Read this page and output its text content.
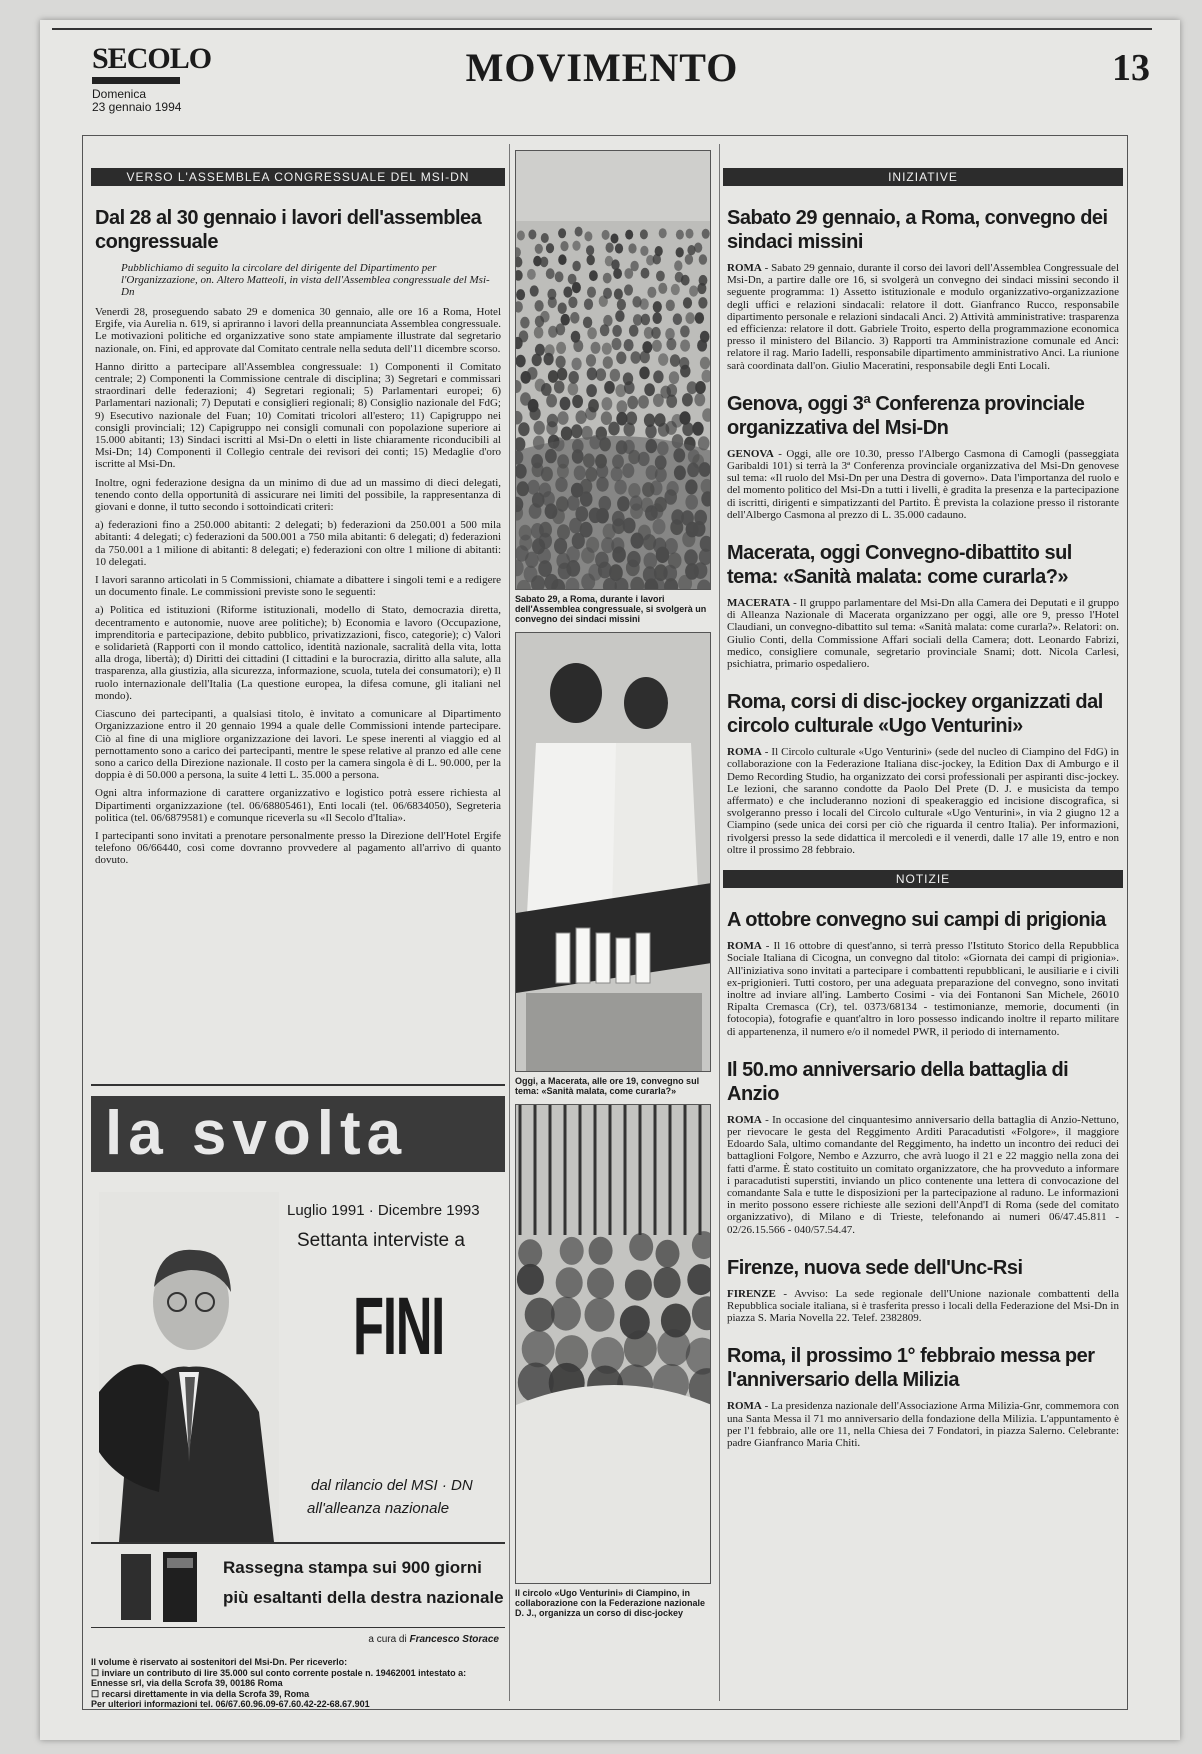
SECOLO
Domenica
23 gennaio 1994
MOVIMENTO	13
VERSO L'ASSEMBLEA CONGRESSUALE DEL MSI-DN
Dal 28 al 30 gennaio i lavori dell'assemblea congressuale
Pubblichiamo di seguito la circolare del dirigente del Dipartimento per l'Organizzazione, on. Altero Matteoli, in vista dell'Assemblea congressuale del Msi-Dn

Venerdì 28, proseguendo sabato 29 e domenica 30 gennaio, alle ore 16 a Roma, Hotel Ergife, via Aurelia n. 619, si apriranno i lavori della preannunciata Assemblea congressuale. Le motivazioni politiche ed organizzative sono state ampiamente illustrate dal segretario nazionale, on. Fini, ed approvate dal Comitato centrale nella seduta dell'11 dicembre scorso.

Hanno diritto a partecipare all'Assemblea congressuale: 1) Componenti il Comitato centrale; 2) Componenti la Commissione centrale di disciplina; 3) Segretari e commissari straordinari delle federazioni; 4) Segretari regionali; 5) Parlamentari europei; 6) Parlamentari nazionali; 7) Deputati e consiglieri regionali; 8) Consiglio nazionale del FdG; 9) Esecutivo nazionale del Fuan; 10) Comitati tricolori all'estero; 11) Capigruppo nei consigli provinciali; 12) Capigruppo nei consigli comunali con popolazione superiore ai 15.000 abitanti; 13) Sindaci iscritti al Msi-Dn o eletti in liste chiaramente riconducibili al Msi-Dn; 14) Componenti il Collegio centrale dei revisori dei conti; 15) Medaglie d'oro iscritte al Msi-Dn.

Inoltre, ogni federazione designa da un minimo di due ad un massimo di dieci delegati, tenendo conto della opportunità di assicurare nei limiti del possibile, la rappresentanza di giovani e donne, il tutto secondo i sottoindicati criteri:

a) federazioni fino a 250.000 abitanti: 2 delegati; b) federazioni da 250.001 a 500 mila abitanti: 4 delegati; c) federazioni da 500.001 a 750 mila abitanti: 6 delegati; d) federazioni da 750.001 a 1 milione di abitanti: 8 delegati; e) federazioni con oltre 1 milione di abitanti: 10 delegati.

I lavori saranno articolati in 5 Commissioni, chiamate a dibattere i singoli temi e a redigere un documento finale. Le commissioni previste sono le seguenti:

a) Politica ed istituzioni (Riforme istituzionali, modello di Stato, democrazia diretta, decentramento e autonomie, nuove aree politiche); b) Economia e lavoro (Occupazione, imprenditoria e partecipazione, debito pubblico, privatizzazioni, fisco, categorie); c) Valori e solidarietà (Rapporti con il mondo cattolico, identità nazionale, sacralità della vita, lotta alla droga, libertà); d) Diritti dei cittadini (I cittadini e la burocrazia, diritto alla salute, alla trasparenza, alla giustizia, alla sicurezza, informazione, scuola, tutela dei consumatori); e) Il ruolo internazionale dell'Italia (La questione europea, la difesa comune, gli italiani nel mondo).

Ciascuno dei partecipanti, a qualsiasi titolo, è invitato a comunicare al Dipartimento Organizzazione entro il 20 gennaio 1994 a quale delle Commissioni intende partecipare. Ciò al fine di una migliore organizzazione dei lavori. Le spese inerenti al viaggio ed al pernottamento sono a carico dei partecipanti, mentre le spese relative al pranzo ed alle cene sono a carico della Direzione nazionale. Il costo per la camera singola è di L. 90.000, per la doppia è di 50.000 a persona, la suite 4 letti L. 35.000 a persona.

Ogni altra informazione di carattere organizzativo e logistico potrà essere richiesta al Dipartimenti organizzazione (tel. 06/68805461), Enti locali (tel. 06/6834050), Segreteria politica (tel. 06/6879581) e comunque riceverla su «Il Secolo d'Italia».

I partecipanti sono invitati a prenotare personalmente presso la Direzione dell'Hotel Ergife telefono 06/66440, così come dovranno provvedere al pagamento all'arrivo di quanto dovuto.

la svolta
Luglio 1991 · Dicembre 1993
Settanta interviste a
FINI
dal rilancio del MSI · DN
all'alleanza nazionale
Rassegna stampa sui 900 giorni
più esaltanti della destra nazionale
a cura di Francesco Storace
Il volume è riservato ai sostenitori del Msi-Dn. Per riceverlo:
☐ inviare un contributo di lire 35.000 sul conto corrente postale n. 19462001 intestato a: Ennesse srl, via della Scrofa 39, 00186 Roma
☐ recarsi direttamente in via della Scrofa 39, Roma
Per ulteriori informazioni tel. 06/67.60.96.09-67.60.42-22-68.67.901
Sabato 29, a Roma, durante i lavori dell'Assemblea congressuale, si svolgerà un convegno dei sindaci missini
Oggi, a Macerata, alle ore 19, convegno sul tema: «Sanità malata, come curarla?»
Il circolo «Ugo Venturini» di Ciampino, in collaborazione con la Federazione nazionale D. J., organizza un corso di disc-jockey
INIZIATIVE
Sabato 29 gennaio, a Roma, convegno dei sindaci missini

ROMA - Sabato 29 gennaio, durante il corso dei lavori dell'Assemblea Congressuale del Msi-Dn, a partire dalle ore 16, si svolgerà un convegno dei sindaci missini secondo il seguente programma: 1) Assetto istituzionale e modulo organizzativo-organizzazione degli uffici e relazioni sindacali: relatore il dott. Gianfranco Rucco, responsabile dipartimento personale e relazioni sindacali Anci. 2) Attività amministrative: trasparenza ed efficienza: relatore il dott. Gabriele Troito, esperto della programmazione economica presso il ministero del Bilancio. 3) Rapporti tra Amministrazione comunale ed Anci: relatore il rag. Mario Iadelli, responsabile dipartimento amministrativo Anci. La riunione sarà coordinata dall'on. Giulio Maceratini, responsabile degli Enti Locali.

Genova, oggi 3ª Conferenza provinciale organizzativa del Msi-Dn

GENOVA - Oggi, alle ore 10.30, presso l'Albergo Casmona di Camogli (passeggiata Garibaldi 101) si terrà la 3ª Conferenza provinciale organizzativa del Msi-Dn genovese sul tema: «Il ruolo del Msi-Dn per una Destra di governo». Data l'importanza del ruolo e del momento politico del Msi-Dn a tutti i livelli, è gradita la presenza e la partecipazione di iscritti, dirigenti e simpatizzanti del Partito. È prevista la colazione presso il ristorante dell'Albergo Casmona al prezzo di L. 35.000 cadauno.

Macerata, oggi Convegno-dibattito sul tema: «Sanità malata: come curarla?»

MACERATA - Il gruppo parlamentare del Msi-Dn alla Camera dei Deputati e il gruppo di Alleanza Nazionale di Macerata organizzano per oggi, alle ore 9, presso l'Hotel Claudiani, un convegno-dibattito sul tema: «Sanità malata: come curarla?». Relatori: on. Giulio Conti, della Commissione Affari sociali della Camera; dott. Leonardo Fabrizi, medico, consigliere comunale, segretario provinciale Snami; dott. Nicola Carlesi, psichiatra, primario ospedaliero.

Roma, corsi di disc-jockey organizzati dal circolo culturale «Ugo Venturini»

ROMA - Il Circolo culturale «Ugo Venturini» (sede del nucleo di Ciampino del FdG) in collaborazione con la Federazione Italiana disc-jockey, la Edition Dax di Amburgo e il Demo Recording Studio, ha organizzato dei corsi professionali per aspiranti disc-jockey. Le lezioni, che saranno condotte da Paolo Del Prete (D. J. e musicista da tempo affermato) e che includeranno nozioni di speakeraggio ed incisione discografica, si svolgeranno presso i locali del Circolo culturale «Ugo Venturini», in via 2 giugno 12 a Ciampino (sede unica dei corsi per ciò che riguarda il centro Italia). Per informazioni, rivolgersi presso la sede didattica il mercoledì e il venerdì, dalle 17 alle 19, entro e non oltre il prossimo 28 febbraio.

NOTIZIE
A ottobre convegno sui campi di prigionia

ROMA - Il 16 ottobre di quest'anno, si terrà presso l'Istituto Storico della Repubblica Sociale Italiana di Cicogna, un convegno dal titolo: «Giornata dei campi di prigionia». All'iniziativa sono invitati a partecipare i combattenti repubblicani, le ausiliarie e i civili ex-prigionieri. Tutti costoro, per una adeguata preparazione del convegno, sono invitati inoltre ad inviare all'ing. Lamberto Cosimi - via dei Fontanoni San Michele, 26010 Ripalta Cremasca (Cr), tel. 0373/68134 - testimonianze, memorie, documenti (in fotocopia), fotografie e quant'altro in loro possesso indicando inoltre il reparto militare di appartenenza, il numero e/o il nomedel PWR, il periodo di internamento.

Il 50.mo anniversario della battaglia di Anzio

ROMA - In occasione del cinquantesimo anniversario della battaglia di Anzio-Nettuno, per rievocare le gesta del Reggimento Arditi Paracadutisti «Folgore», il maggiore Edoardo Sala, ultimo comandante del Reggimento, ha indetto un incontro dei reduci dei battaglioni Folgore, Nembo e Azzurro, che avrà luogo il 21 e 22 maggio nella zona dei fatti d'arme. È stato costituito un comitato organizzatore, che ha provveduto a informare i paracadutisti superstiti, inviando un plico contenente una lettera di convocazione del comandante Sala e tutte le disposizioni per la partecipazione al raduno. Le informazioni in merito possono essere richieste alle sezioni dell'Anpd'I di Roma (sede del comitato organizzativo), di Milano e di Trieste, telefonando ai numeri 06/47.45.811 - 02/26.15.566 - 040/57.54.47.

Firenze, nuova sede dell'Unc-Rsi

FIRENZE - Avviso: La sede regionale dell'Unione nazionale combattenti della Repubblica sociale italiana, si è trasferita presso i locali della Federazione del Msi-Dn in piazza S. Maria Novella 22. Telef. 2382809.

Roma, il prossimo 1° febbraio messa per l'anniversario della Milizia

ROMA - La presidenza nazionale dell'Associazione Arma Milizia-Gnr, commemora con una Santa Messa il 71 mo anniversario della fondazione della Milizia. L'appuntamento è per l'1 febbraio, alle ore 11, nella Chiesa dei 7 Fondatori, in piazza Salerno. Celebrante: padre Gianfranco Maria Chiti.
